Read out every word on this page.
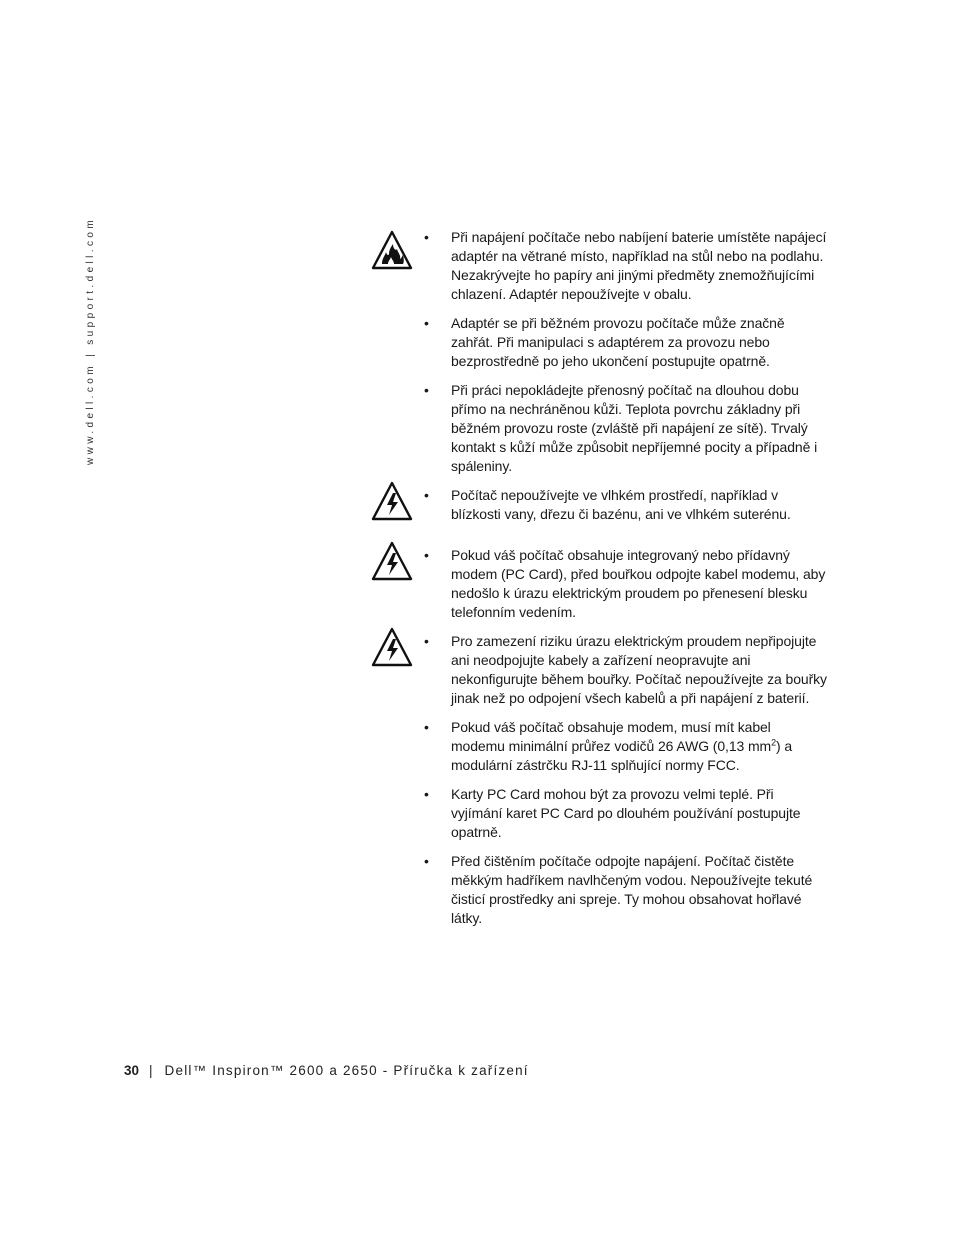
www.dell.com | support.dell.com	• Při napájení počítače nebo nabíjení baterie umístěte napájecí adaptér na větrané místo, například na stůl nebo na podlahu. Nezakrývejte ho papíry ani jinými předměty znemožňujícími chlazení. Adaptér nepoužívejte v obalu.
• Adaptér se při běžném provozu počítače může značně zahřát. Při manipulaci s adaptérem za provozu nebo bezprostředně po jeho ukončení postupujte opatrně.
• Při práci nepokládejte přenosný počítač na dlouhou dobu přímo na nechráněnou kůži. Teplota povrchu základny při běžném provozu roste (zvláště při napájení ze sítě). Trvalý kontakt s kůží může způsobit nepříjemné pocity a případně i spáleniny.
• Počítač nepoužívejte ve vlhkém prostředí, například v blízkosti vany, dřezu či bazénu, ani ve vlhkém suterénu.
• Pokud váš počítač obsahuje integrovaný nebo přídavný modem (PC Card), před bouřkou odpojte kabel modemu, aby nedošlo k úrazu elektrickým proudem po přenesení blesku telefonním vedením.
• Pro zamezení riziku úrazu elektrickým proudem nepřipojujte ani neodpojujte kabely a zařízení neopravujte ani nekonfigurujte během bouřky. Počítač nepoužívejte za bouřky jinak než po odpojení všech kabelů a při napájení z baterií.
• Pokud váš počítač obsahuje modem, musí mít kabel modemu minimální průřez vodičů 26 AWG (0,13 $mm^2$) a modulární zástrčku RJ-11 splňující normy FCC.
• Karty PC Card mohou být za provozu velmi teplé. Při vyjímání karet PC Card po dlouhém používání postupujte opatrně.
• Před čištěním počítače odpojte napájení. Počítač čistěte měkkým hadříkem navlhčeným vodou. Nepoužívejte tekuté čisticí prostředky ani spreje. Ty mohou obsahovat hořlavé látky.
30 | Dell™ Inspiron™ 2600 a 2650 - Příručka k zařízení
